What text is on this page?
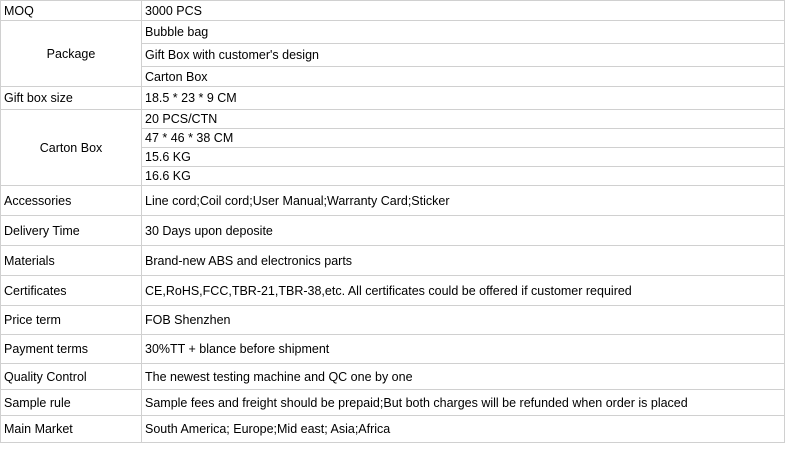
MOQ	3000 PCS
Package	Bubble bag
	Gift Box with customer's design
	Carton Box
Gift box size	18.5 * 23 * 9 CM
Carton Box	20 PCS/CTN
	47 * 46 * 38 CM
	15.6 KG
	16.6 KG
Accessories	Line cord;Coil cord;User Manual;Warranty Card;Sticker
Delivery Time	30 Days upon deposite
Materials	Brand-new ABS and electronics parts
Certificates	CE,RoHS,FCC,TBR-21,TBR-38,etc. All certificates could be offered if customer required
Price term	FOB Shenzhen
Payment terms	30%TT + blance before shipment
Quality Control	The newest testing machine and QC one by one
Sample rule	Sample fees and freight should be prepaid;But both charges will be refunded when order is placed
Main Market	South America; Europe;Mid east; Asia;Africa
